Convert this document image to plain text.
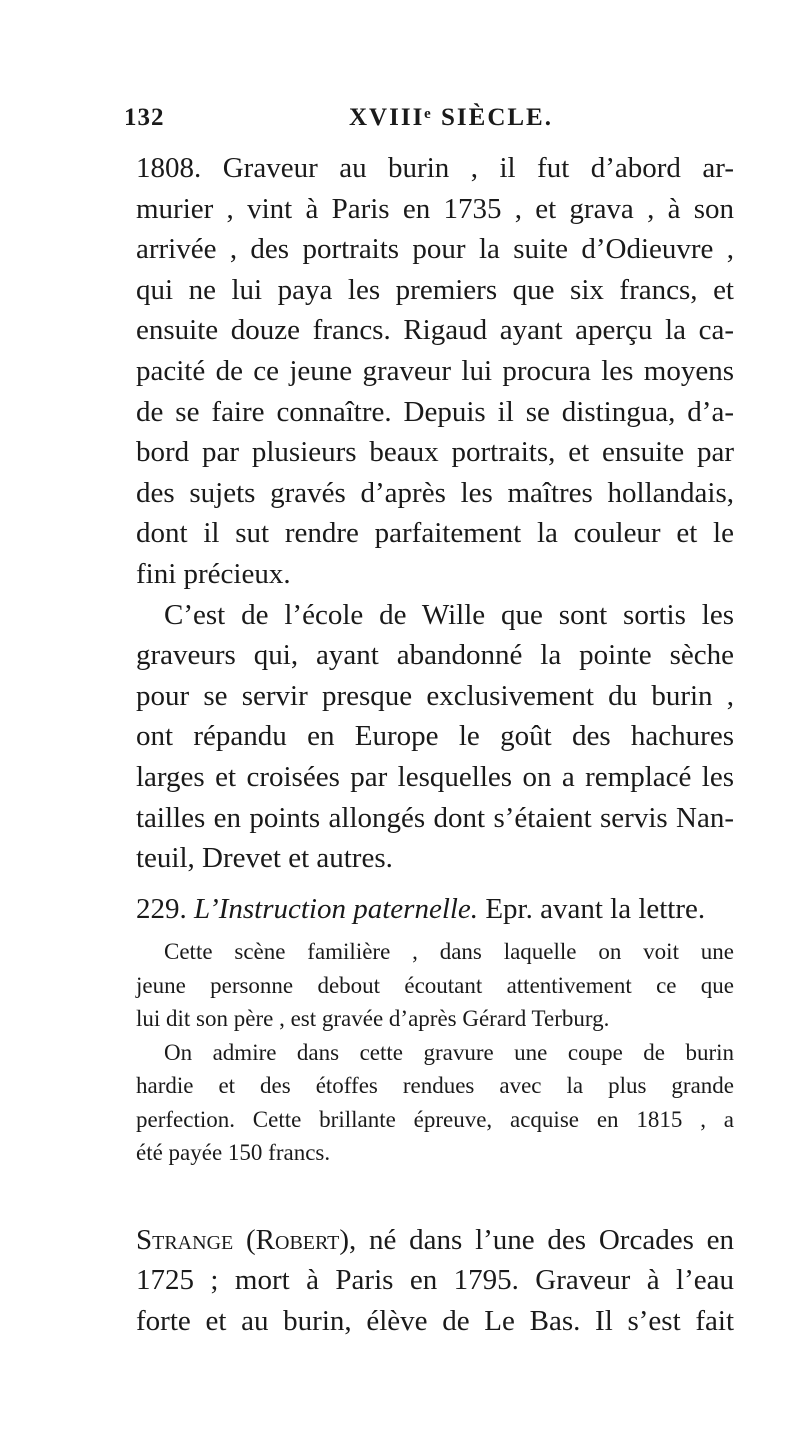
132	XVIIIᵉ SIÈCLE.
1808. Graveur au burin , il fut d’abord ar-
murier , vint à Paris en 1735 , et grava , à son
arrivée , des portraits pour la suite d’Odieuvre ,
qui ne lui paya les premiers que six francs, et
ensuite douze francs. Rigaud ayant aperçu la ca-
pacité de ce jeune graveur lui procura les moyens
de se faire connaître. Depuis il se distingua, d’a-
bord par plusieurs beaux portraits, et ensuite par
des sujets gravés d’après les maîtres hollandais,
dont il sut rendre parfaitement la couleur et le
fini précieux.
C’est de l’école de Wille que sont sortis les
graveurs qui, ayant abandonné la pointe sèche
pour se servir presque exclusivement du burin ,
ont répandu en Europe le goût des hachures
larges et croisées par lesquelles on a remplacé les
tailles en points allongés dont s’étaient servis Nan-
teuil, Drevet et autres.
229. L’Instruction paternelle. Epr. avant la lettre.
Cette scène familière , dans laquelle on voit une
jeune personne debout écoutant attentivement ce que
lui dit son père , est gravée d’après Gérard Terburg.
On admire dans cette gravure une coupe de burin
hardie et des étoffes rendues avec la plus grande
perfection. Cette brillante épreuve, acquise en 1815 , a
été payée 150 francs.
Strange (Robert), né dans l’une des Orcades en
1725 ; mort à Paris en 1795. Graveur à l’eau
forte et au burin, élève de Le Bas. Il s’est fait
